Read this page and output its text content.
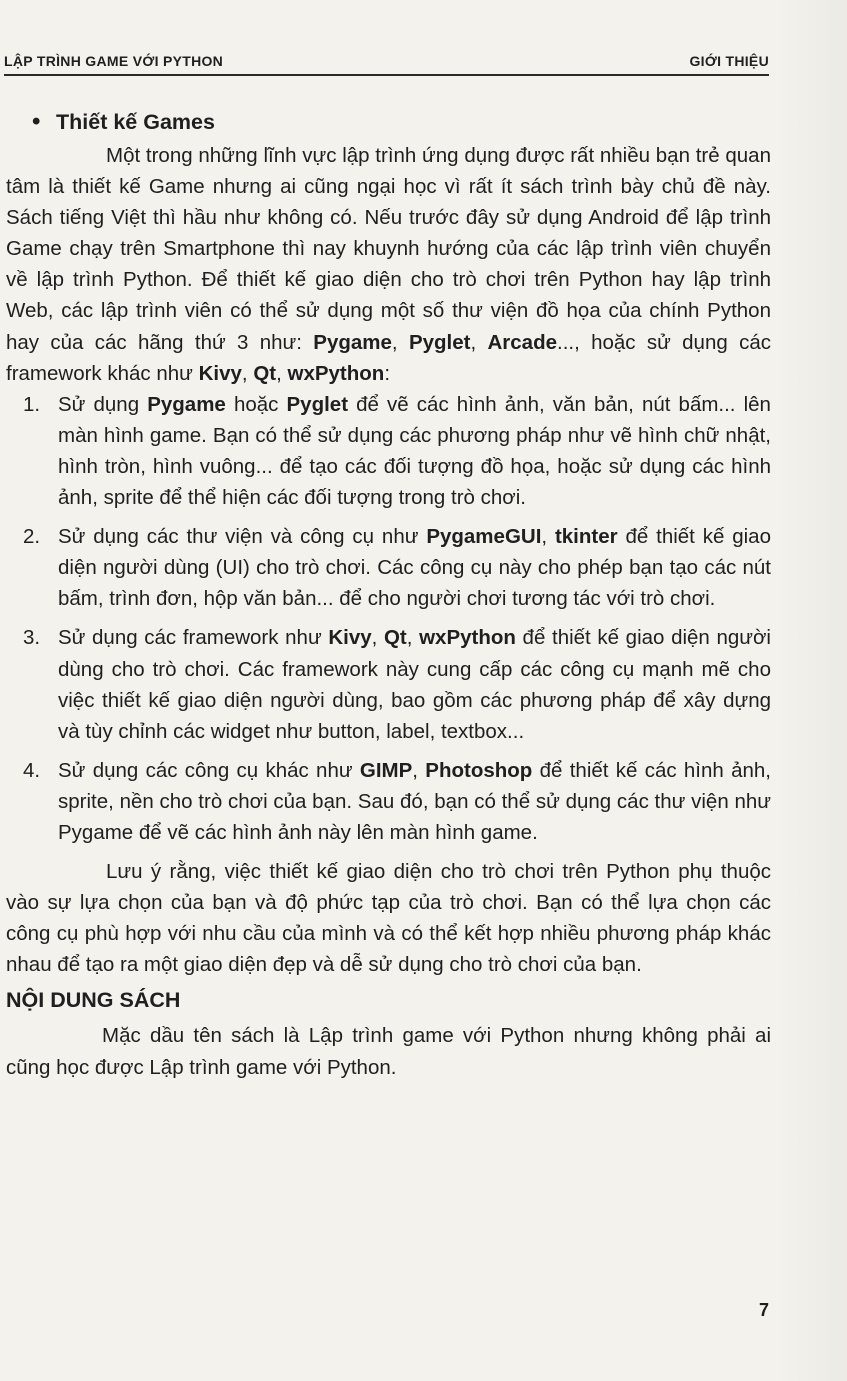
LẬP TRÌNH GAME VỚI PYTHON	GIỚI THIỆU
• Thiết kế Games

Một trong những lĩnh vực lập trình ứng dụng được rất nhiều bạn trẻ quan tâm là thiết kế Game nhưng ai cũng ngại học vì rất ít sách trình bày chủ đề này. Sách tiếng Việt thì hầu như không có. Nếu trước đây sử dụng Android để lập trình Game chạy trên Smartphone thì nay khuynh hướng của các lập trình viên chuyển về lập trình Python. Để thiết kế giao diện cho trò chơi trên Python hay lập trình Web, các lập trình viên có thể sử dụng một số thư viện đồ họa của chính Python hay của các hãng thứ 3 như: Pygame, Pyglet, Arcade..., hoặc sử dụng các framework khác như Kivy, Qt, wxPython:

1. Sử dụng Pygame hoặc Pyglet để vẽ các hình ảnh, văn bản, nút bấm... lên màn hình game. Bạn có thể sử dụng các phương pháp như vẽ hình chữ nhật, hình tròn, hình vuông... để tạo các đối tượng đồ họa, hoặc sử dụng các hình ảnh, sprite để thể hiện các đối tượng trong trò chơi.
2. Sử dụng các thư viện và công cụ như PygameGUI, tkinter để thiết kế giao diện người dùng (UI) cho trò chơi. Các công cụ này cho phép bạn tạo các nút bấm, trình đơn, hộp văn bản... để cho người chơi tương tác với trò chơi.
3. Sử dụng các framework như Kivy, Qt, wxPython để thiết kế giao diện người dùng cho trò chơi. Các framework này cung cấp các công cụ mạnh mẽ cho việc thiết kế giao diện người dùng, bao gồm các phương pháp để xây dựng và tùy chỉnh các widget như button, label, textbox...
4. Sử dụng các công cụ khác như GIMP, Photoshop để thiết kế các hình ảnh, sprite, nền cho trò chơi của bạn. Sau đó, bạn có thể sử dụng các thư viện như Pygame để vẽ các hình ảnh này lên màn hình game.

Lưu ý rằng, việc thiết kế giao diện cho trò chơi trên Python phụ thuộc vào sự lựa chọn của bạn và độ phức tạp của trò chơi. Bạn có thể lựa chọn các công cụ phù hợp với nhu cầu của mình và có thể kết hợp nhiều phương pháp khác nhau để tạo ra một giao diện đẹp và dễ sử dụng cho trò chơi của bạn.

NỘI DUNG SÁCH

Mặc dầu tên sách là Lập trình game với Python nhưng không phải ai cũng học được Lập trình game với Python.

7
